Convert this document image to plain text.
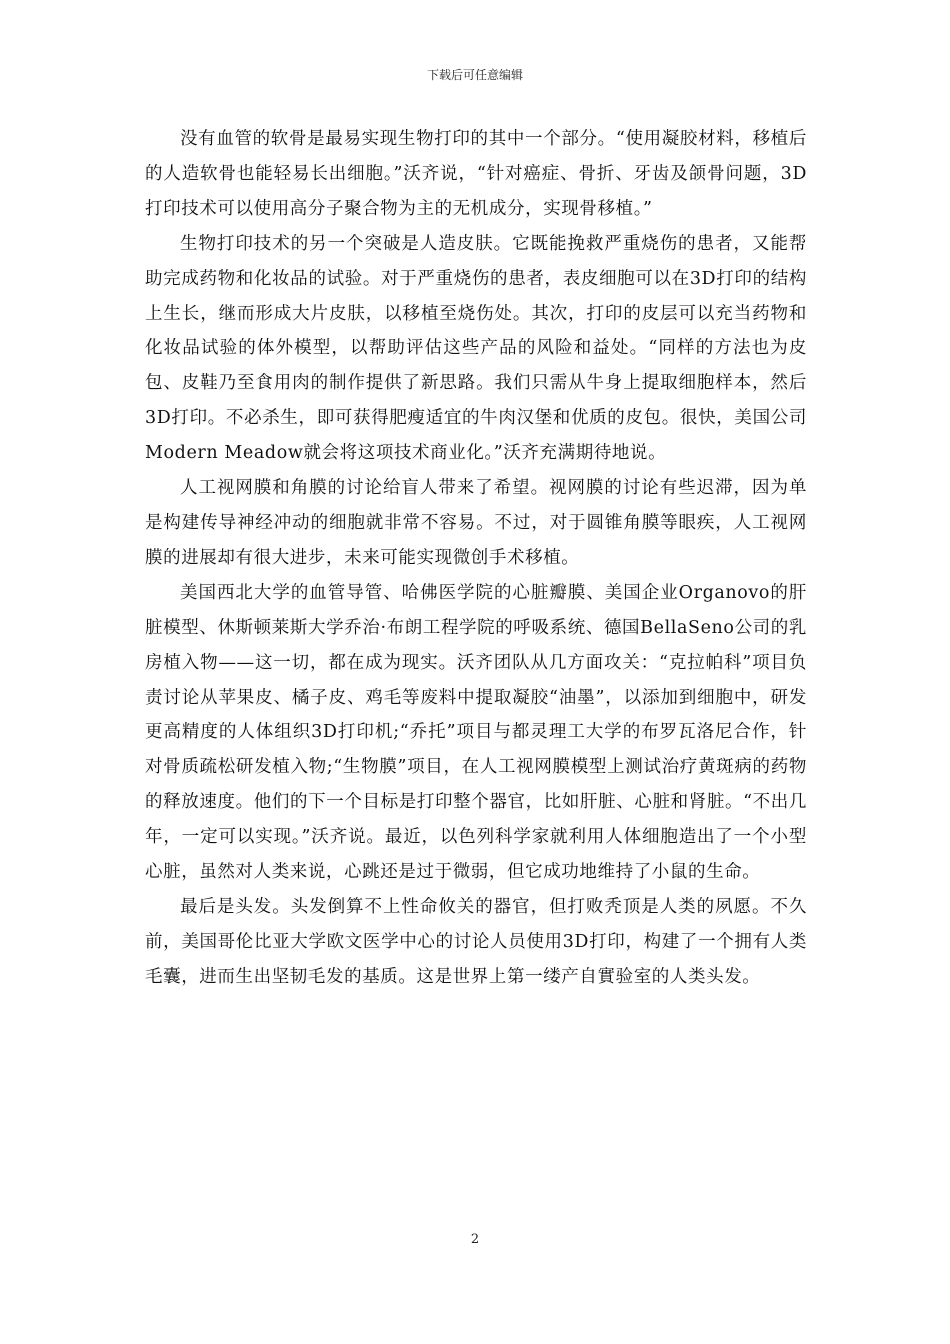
下载后可任意编辑

没有血管的软骨是最易实现生物打印的其中一个部分。“使用凝胶材料，移植后的人造软骨也能轻易长出细胞。”沃齐说，“针对癌症、骨折、牙齿及颌骨问题，3D打印技术可以使用高分子聚合物为主的无机成分，实现骨移植。”

生物打印技术的另一个突破是人造皮肤。它既能挽救严重烧伤的患者，又能帮助完成药物和化妆品的试验。对于严重烧伤的患者，表皮细胞可以在3D打印的结构上生长，继而形成大片皮肤，以移植至烧伤处。其次，打印的皮层可以充当药物和化妆品试验的体外模型，以帮助评估这些产品的风险和益处。“同样的方法也为皮包、皮鞋乃至食用肉的制作提供了新思路。我们只需从牛身上提取细胞样本，然后3D打印。不必杀生，即可获得肥瘦适宜的牛肉汉堡和优质的皮包。很快，美国公司Modern Meadow就会将这项技术商业化。”沃齐充满期待地说。

人工视网膜和角膜的讨论给盲人带来了希望。视网膜的讨论有些迟滞，因为单是构建传导神经冲动的细胞就非常不容易。不过，对于圆锥角膜等眼疾，人工视网膜的进展却有很大进步，未来可能实现微创手术移植。

美国西北大学的血管导管、哈佛医学院的心脏瓣膜、美国企业Organovo的肝脏模型、休斯顿莱斯大学乔治·布朗工程学院的呼吸系统、德国BellaSeno公司的乳房植入物——这一切，都在成为现实。沃齐团队从几方面攻关：“克拉帕科”项目负责讨论从苹果皮、橘子皮、鸡毛等废料中提取凝胶“油墨”，以添加到细胞中，研发更高精度的人体组织3D打印机;“乔托”项目与都灵理工大学的布罗瓦洛尼合作，针对骨质疏松研发植入物;“生物膜”项目，在人工视网膜模型上测试治疗黄斑病的药物的释放速度。他们的下一个目标是打印整个器官，比如肝脏、心脏和肾脏。“不出几年，一定可以实现。”沃齐说。最近，以色列科学家就利用人体细胞造出了一个小型心脏，虽然对人类来说，心跳还是过于微弱，但它成功地维持了小鼠的生命。

最后是头发。头发倒算不上性命攸关的器官，但打败秃顶是人类的夙愿。不久前，美国哥伦比亚大学欧文医学中心的讨论人员使用3D打印，构建了一个拥有人类毛囊，进而生出坚韧毛发的基质。这是世界上第一缕产自實验室的人类头发。

2
